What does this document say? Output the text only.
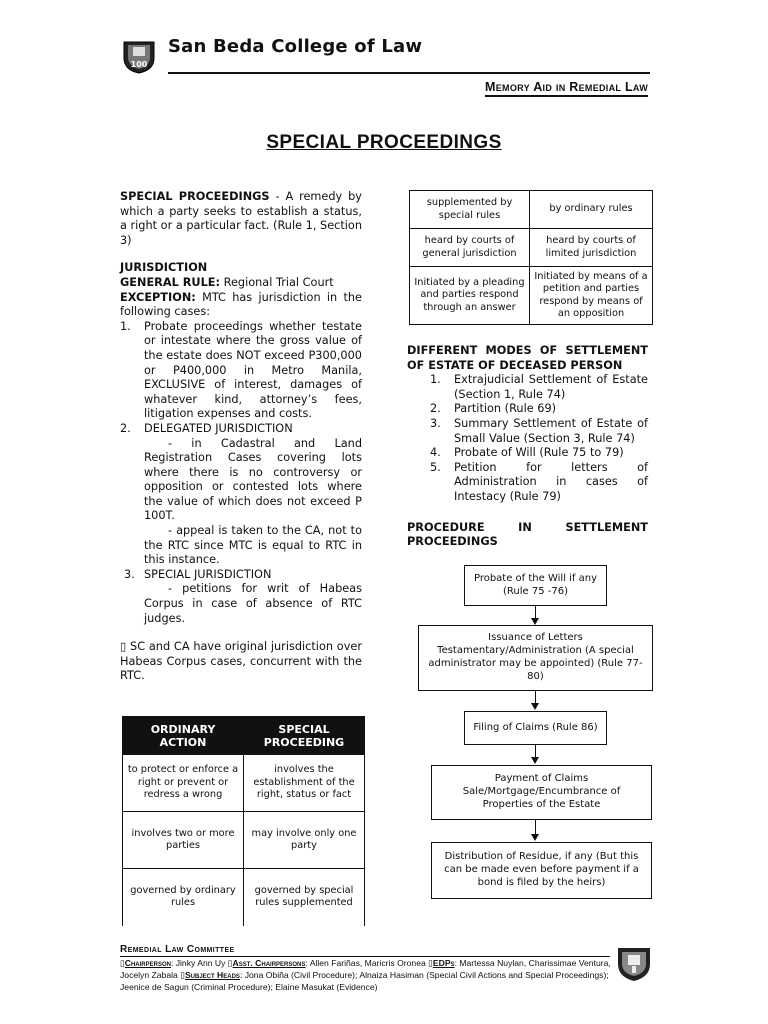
100
San Beda College of Law
Memory Aid in Remedial Law
SPECIAL PROCEEDINGS

SPECIAL PROCEEDINGS - A remedy by which a party seeks to establish a status, a right or a particular fact. (Rule 1, Section 3)

JURISDICTION

GENERAL RULE: Regional Trial Court

EXCEPTION: MTC has jurisdiction in the following cases:

1. Probate proceedings whether testate or intestate where the gross value of the estate does NOT exceed P300,000 or P400,000 in Metro Manila, EXCLUSIVE of interest, damages of whatever kind, attorney’s fees, litigation expenses and costs.
2. DELEGATED JURISDICTION

- in Cadastral and Land Registration Cases covering lots where there is no controversy or opposition or contested lots where the value of which does not exceed P 100T.

- appeal is taken to the CA, not to the RTC since MTC is equal to RTC in this instance.

3. SPECIAL JURISDICTION

- petitions for writ of Habeas Corpus in case of absence of RTC judges.

▯ SC and CA have original jurisdiction over Habeas Corpus cases, concurrent with the RTC.

ORDINARY ACTION	SPECIAL PROCEEDING
to protect or enforce a right or prevent or redress a wrong	involves the establishment of the right, status or fact
involves two or more parties	may involve only one party
governed by ordinary rules	governed by special rules supplemented
supplemented by special rules	by ordinary rules
heard by courts of general jurisdiction	heard by courts of limited jurisdiction
Initiated by a pleading and parties respond through an answer	Initiated by means of a petition and parties respond by means of an opposition

DIFFERENT MODES OF SETTLEMENT OF ESTATE OF DECEASED PERSON

1. Extrajudicial Settlement of Estate (Section 1, Rule 74)
2. Partition (Rule 69)
3. Summary Settlement of Estate of Small Value (Section 3, Rule 74)
4. Probate of Will (Rule 75 to 79)
5. Petition for letters of Administration in cases of Intestacy (Rule 79)

PROCEDURE IN SETTLEMENT PROCEEDINGS

Probate of the Will if any (Rule 75 -76)
Issuance of Letters Testamentary/Administration (A special administrator may be appointed) (Rule 77-80)
Filing of Claims (Rule 86)
Payment of Claims Sale/Mortgage/Encumbrance of Properties of the Estate
Distribution of Residue, if any (But this can be made even before payment if a bond is filed by the heirs)
Remedial Law Committee
▯Chairperson: Jinky Ann Uy ▯Asst. Chairpersons: Allen Fariñas, Maricris Oronea ▯EDPs: Martessa Nuylan, Charissimae Ventura, Jocelyn Zabala ▯Subject Heads: Jona Obiña (Civil Procedure); Alnaiza Hasiman (Special Civil Actions and Special Proceedings); Jeenice de Sagun (Criminal Procedure); Elaine Masukat (Evidence)
